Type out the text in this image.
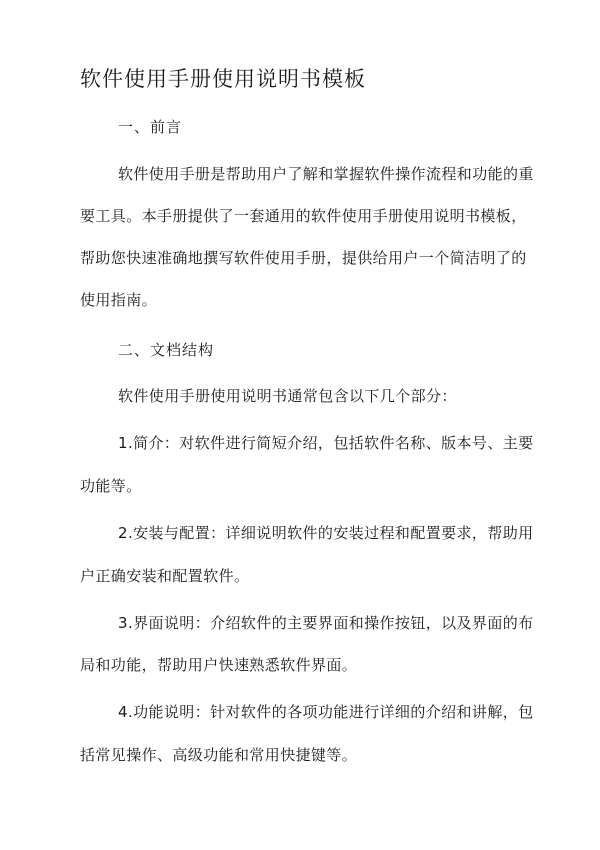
软件使用手册使用说明书模板
一、前言
软件使用手册是帮助用户了解和掌握软件操作流程和功能的重
要工具。本手册提供了一套通用的软件使用手册使用说明书模板，
帮助您快速准确地撰写软件使用手册，提供给用户一个简洁明了的
使用指南。
二、文档结构
软件使用手册使用说明书通常包含以下几个部分：
1.简介：对软件进行简短介绍，包括软件名称、版本号、主要
功能等。
2.安装与配置：详细说明软件的安装过程和配置要求，帮助用
户正确安装和配置软件。
3.界面说明：介绍软件的主要界面和操作按钮，以及界面的布
局和功能，帮助用户快速熟悉软件界面。
4.功能说明：针对软件的各项功能进行详细的介绍和讲解，包
括常见操作、高级功能和常用快捷键等。
